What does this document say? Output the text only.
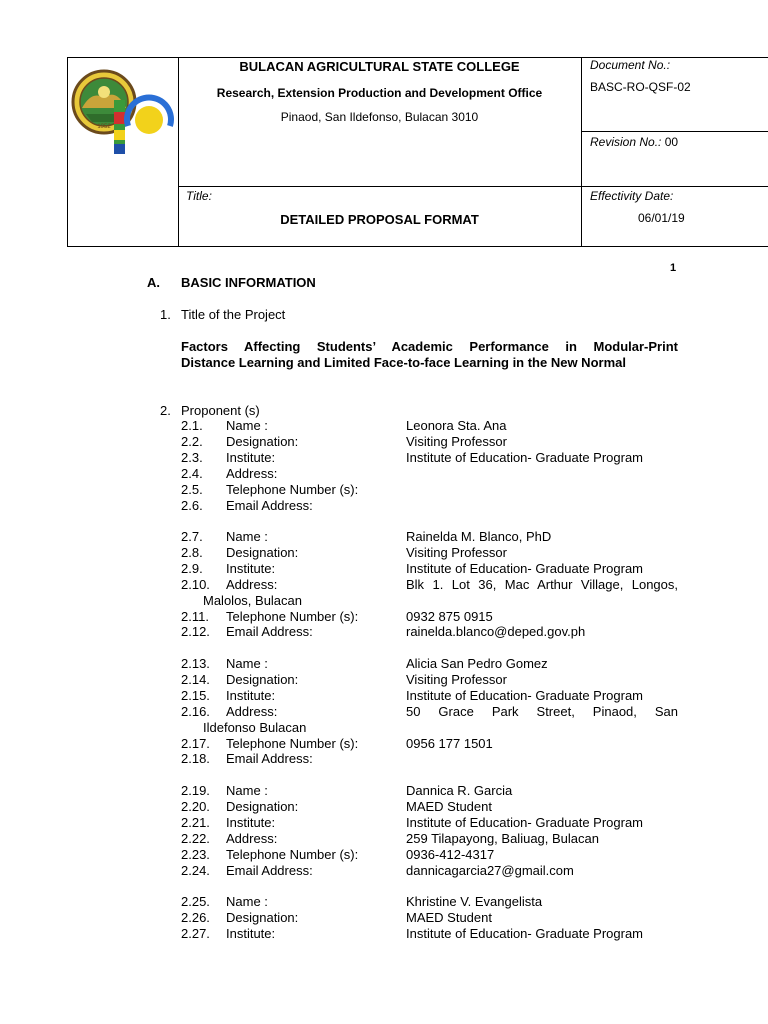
1952
BULACAN AGRICULTURAL STATE COLLEGE
Research, Extension Production and Development Office
Pinaod, San Ildefonso, Bulacan 3010
Title:
DETAILED PROPOSAL FORMAT
Document No.:
BASC-RO-QSF-02
Revision No.: 00
Effectivity Date:
06/01/19
1
A. BASIC INFORMATION
1. Title of the Project
Factors Affecting Students’ Academic Performance in Modular-Print
Distance Learning and Limited Face-to-face Learning in the New Normal
2. Proponent (s)
2.1. Name :	Leonora Sta. Ana
2.2. Designation:	Visiting Professor
2.3. Institute:	Institute of Education- Graduate Program
2.4. Address:
2.5. Telephone Number (s):
2.6. Email Address:
2.7. Name :	Rainelda M. Blanco, PhD
2.8. Designation:	Visiting Professor
2.9. Institute:	Institute of Education- Graduate Program
2.10. Address:	Blk 1. Lot 36, Mac Arthur Village, Longos,
Malolos, Bulacan
2.11. Telephone Number (s):	0932 875 0915
2.12. Email Address:	rainelda.blanco@deped.gov.ph
2.13. Name :	Alicia San Pedro Gomez
2.14. Designation:	Visiting Professor
2.15. Institute:	Institute of Education- Graduate Program
2.16. Address:	50 Grace Park Street, Pinaod, San
Ildefonso Bulacan
2.17. Telephone Number (s):	0956 177 1501
2.18. Email Address:
2.19. Name :	Dannica R. Garcia
2.20. Designation:	MAED Student
2.21. Institute:	Institute of Education- Graduate Program
2.22. Address:	259 Tilapayong, Baliuag, Bulacan
2.23. Telephone Number (s):	0936-412-4317
2.24. Email Address:	dannicagarcia27@gmail.com
2.25. Name :	Khristine V. Evangelista
2.26. Designation:	MAED Student
2.27. Institute:	Institute of Education- Graduate Program
